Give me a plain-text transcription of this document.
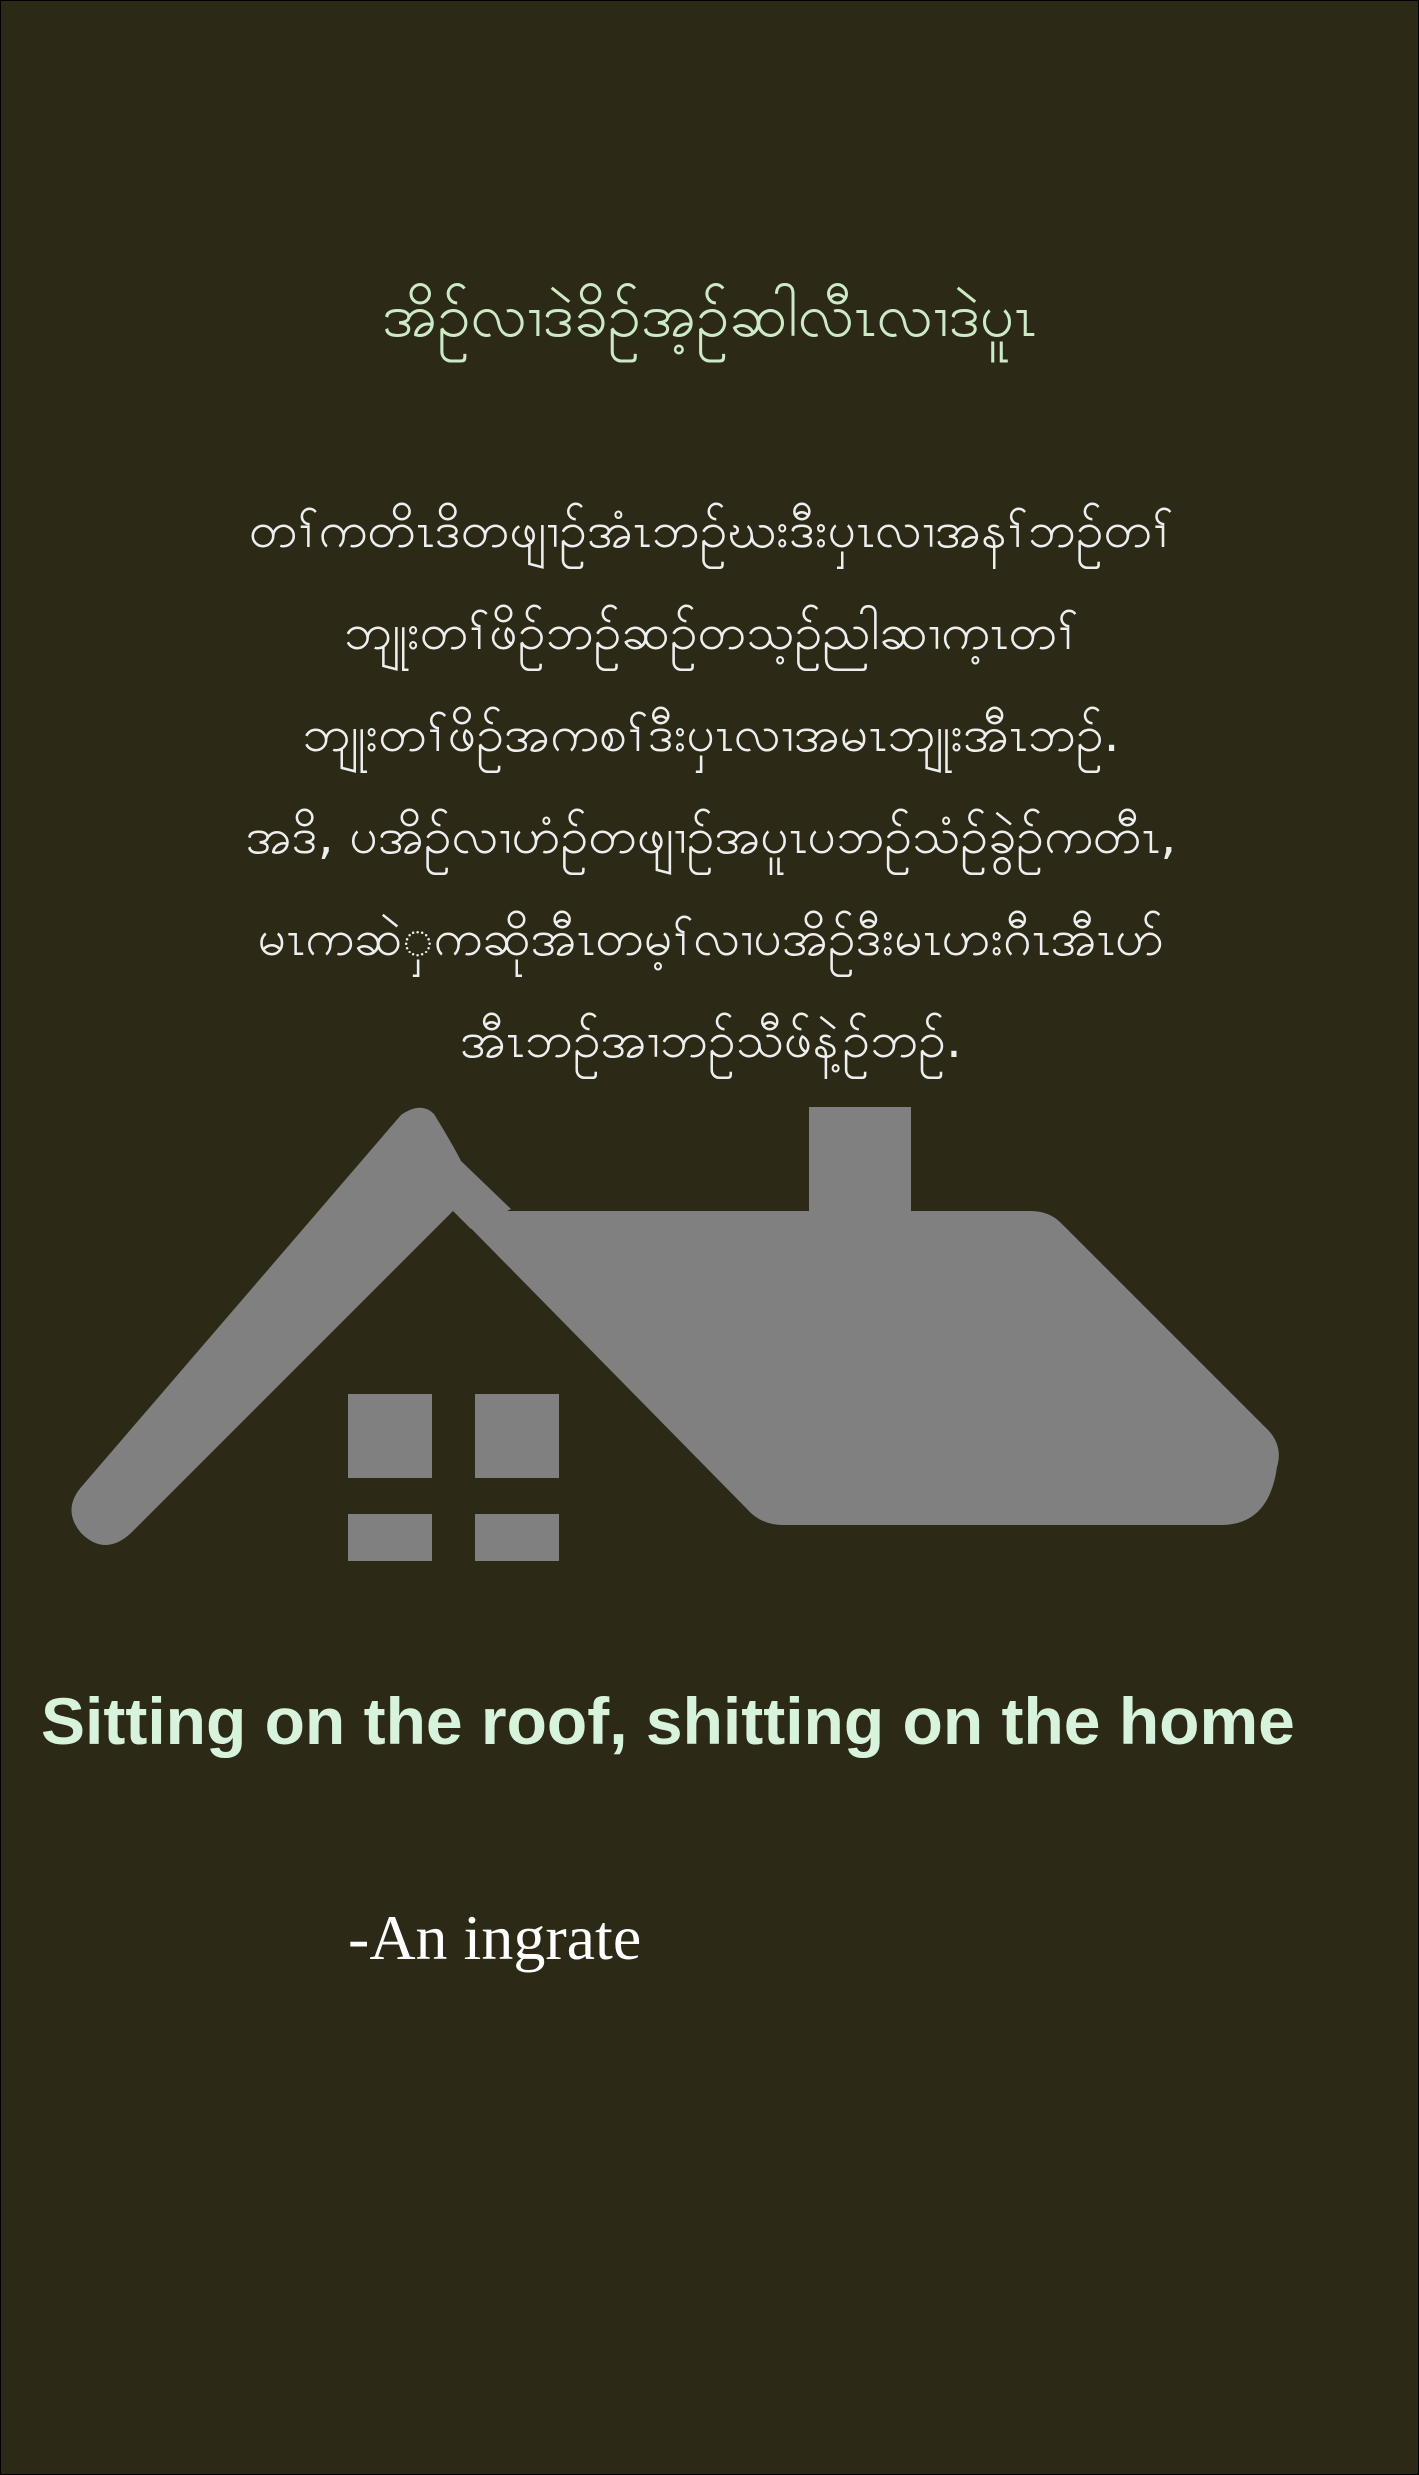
အိဉ်လၢဒဲခိဉ်အ့ဉ်ဆါလီၤလၢဒဲပူၤ
တၢ်ကတိၤဒိတဖျၢဉ်အံၤဘဉ်ဃးဒီးပှၤလၢအနၢ်ဘဉ်တၢ်
ဘျုးတၢ်ဖိဉ်ဘဉ်ဆဉ်တသ့ဉ်ညါဆၢက့ၤတၢ်
ဘျုးတၢ်ဖိဉ်အကစၢ်ဒီးပှၤလၢအမၤဘျုးအီၤဘဉ်.
အဒိ, ပအိဉ်လၢဟံဉ်တဖျၢဉ်အပူၤပဘဉ်သံဉ်ခွဲဉ်ကတီၤ,
မၤကဆဲှကဆိုအီၤတမ့ၢ်လၢပအိဉ်ဒီးမၤဟးဂီၤအီၤဟ်
အီၤဘဉ်အၢဘဉ်သီဖ်နဲ့ဉ်ဘဉ်.
Sitting on the roof, shitting on the home
-An ingrate
